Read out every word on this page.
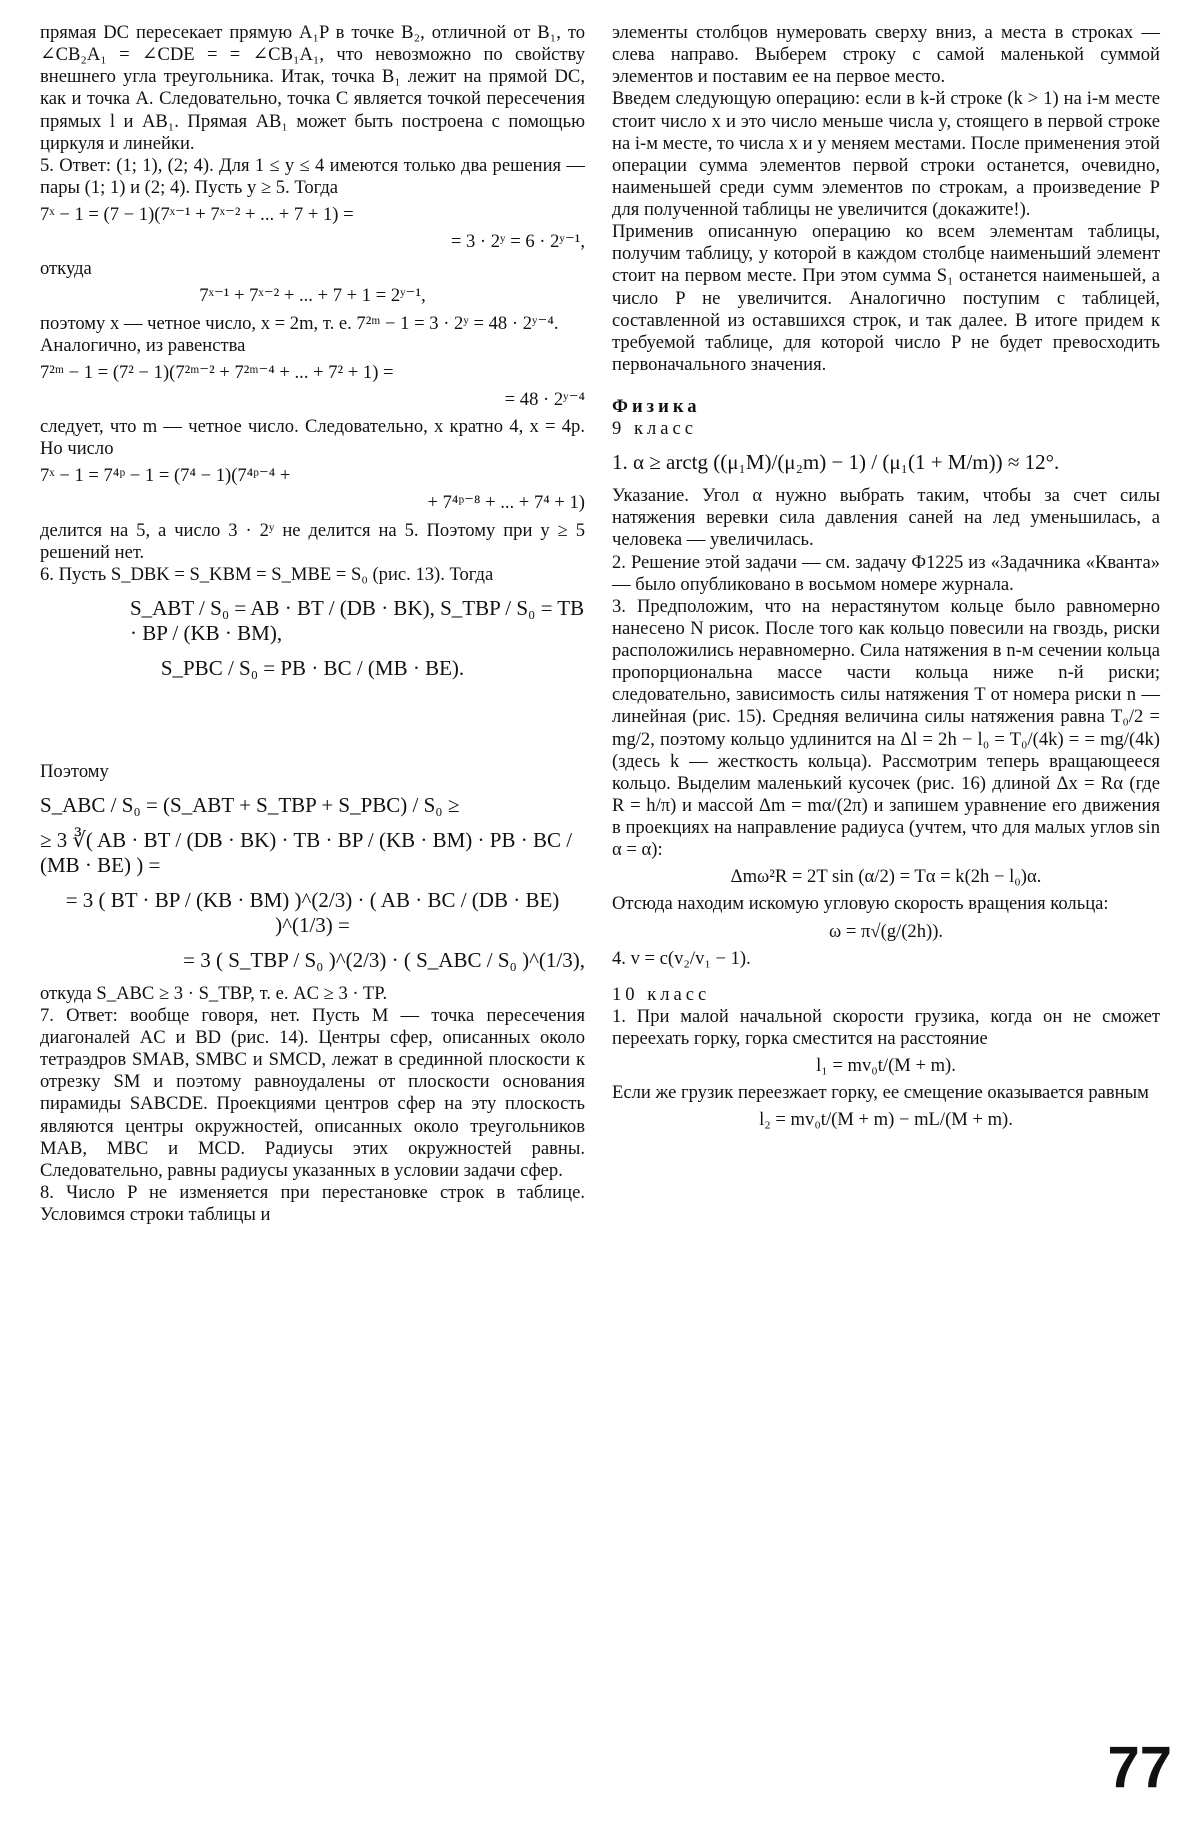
прямая DC пересекает прямую A₁P в точке B₂, отличной от B₁, то ∠CB₂A₁ = ∠CDE = = ∠CB₁A₁, что невозможно по свойству внешнего угла треугольника. Итак, точка B₁ лежит на прямой DC, как и точка A. Следовательно, точка C является точкой пересечения прямых l и AB₁. Прямая AB₁ может быть построена с помощью циркуля и линейки.
5. Ответ: (1; 1), (2; 4). Для 1 ≤ y ≤ 4 имеются только два решения — пары (1; 1) и (2; 4). Пусть y ≥ 5. Тогда
7ˣ − 1 = (7 − 1)(7ˣ⁻¹ + 7ˣ⁻² + ... + 7 + 1) =
= 3 · 2ʸ = 6 · 2ʸ⁻¹,
откуда
7ˣ⁻¹ + 7ˣ⁻² + ... + 7 + 1 = 2ʸ⁻¹,
поэтому x — четное число, x = 2m, т. е. 7²ᵐ − 1 = 3 · 2ʸ = 48 · 2ʸ⁻⁴.
Аналогично, из равенства
7²ᵐ − 1 = (7² − 1)(7²ᵐ⁻² + 7²ᵐ⁻⁴ + ... + 7² + 1) =
= 48 · 2ʸ⁻⁴
следует, что m — четное число. Следовательно, x кратно 4, x = 4p. Но число
7ˣ − 1 = 7⁴ᵖ − 1 = (7⁴ − 1)(7⁴ᵖ⁻⁴ +
+ 7⁴ᵖ⁻⁸ + ... + 7⁴ + 1)
делится на 5, а число 3 · 2ʸ не делится на 5. Поэтому при y ≥ 5 решений нет.
6. Пусть S_DBK = S_KBM = S_MBE = S₀ (рис. 13). Тогда
S_ABT / S₀ = AB · BT / (DB · BK), S_TBP / S₀ = TB · BP / (KB · BM),
S_PBC / S₀ = PB · BC / (MB · BE).
Поэтому
S_ABC / S₀ = (S_ABT + S_TBP + S_PBC) / S₀ ≥
≥ 3 ∛( AB · BT / (DB · BK) · TB · BP / (KB · BM) · PB · BC / (MB · BE) ) =
= 3 ( BT · BP / (KB · BM) )^(2/3) · ( AB · BC / (DB · BE) )^(1/3) =
= 3 ( S_TBP / S₀ )^(2/3) · ( S_ABC / S₀ )^(1/3),
откуда S_ABC ≥ 3 · S_TBP, т. е. AC ≥ 3 · TP.
7. Ответ: вообще говоря, нет. Пусть M — точка пересечения диагоналей AC и BD (рис. 14). Центры сфер, описанных около тетраэдров SMAB, SMBC и SMCD, лежат в срединной плоскости к отрезку SM и поэтому равноудалены от плоскости основания пирамиды SABCDE. Проекциями центров сфер на эту плоскость являются центры окружностей, описанных около треугольников MAB, MBC и MCD. Радиусы этих окружностей равны. Следовательно, равны радиусы указанных в условии задачи сфер.
8. Число P не изменяется при перестановке строк в таблице. Условимся строки таблицы и
элементы столбцов нумеровать сверху вниз, а места в строках — слева направо. Выберем строку с самой маленькой суммой элементов и поставим ее на первое место.
Введем следующую операцию: если в k-й строке (k > 1) на i-м месте стоит число x и это число меньше числа y, стоящего в первой строке на i-м месте, то числа x и y меняем местами. После применения этой операции сумма элементов первой строки останется, очевидно, наименьшей среди сумм элементов по строкам, а произведение P для полученной таблицы не увеличится (докажите!).
Применив описанную операцию ко всем элементам таблицы, получим таблицу, у которой в каждом столбце наименьший элемент стоит на первом месте. При этом сумма S₁ останется наименьшей, а число P не увеличится. Аналогично поступим с таблицей, составленной из оставшихся строк, и так далее. В итоге придем к требуемой таблице, для которой число P не будет превосходить первоначального значения.
Физика
9 класс
1. α ≥ arctg ((μ₁M)/(μ₂m) − 1) / (μ₁(1 + M/m)) ≈ 12°.
Указание. Угол α нужно выбрать таким, чтобы за счет силы натяжения веревки сила давления саней на лед уменьшилась, а человека — увеличилась.
2. Решение этой задачи — см. задачу Ф1225 из «Задачника «Кванта» — было опубликовано в восьмом номере журнала.
3. Предположим, что на нерастянутом кольце было равномерно нанесено N рисок. После того как кольцо повесили на гвоздь, риски расположились неравномерно. Сила натяжения в n-м сечении кольца пропорциональна массе части кольца ниже n-й риски; следовательно, зависимость силы натяжения T от номера риски n — линейная (рис. 15). Средняя величина силы натяжения равна T₀/2 = mg/2, поэтому кольцо удлинится на Δl = 2h − l₀ = T₀/(4k) = = mg/(4k) (здесь k — жесткость кольца). Рассмотрим теперь вращающееся кольцо. Выделим маленький кусочек (рис. 16) длиной Δx = Rα (где R = h/π) и массой Δm = mα/(2π) и запишем уравнение его движения в проекциях на направление радиуса (учтем, что для малых углов sin α = α):
Δmω²R = 2T sin (α/2) = Tα = k(2h − l₀)α.
Отсюда находим искомую угловую скорость вращения кольца:
ω = π√(g/(2h)).
4. v = c(v₂/v₁ − 1).
10 класс
1. При малой начальной скорости грузика, когда он не сможет переехать горку, горка сместится на расстояние
l₁ = mv₀t/(M + m).
Если же грузик переезжает горку, ее смещение оказывается равным
l₂ = mv₀t/(M + m) − mL/(M + m).
77
